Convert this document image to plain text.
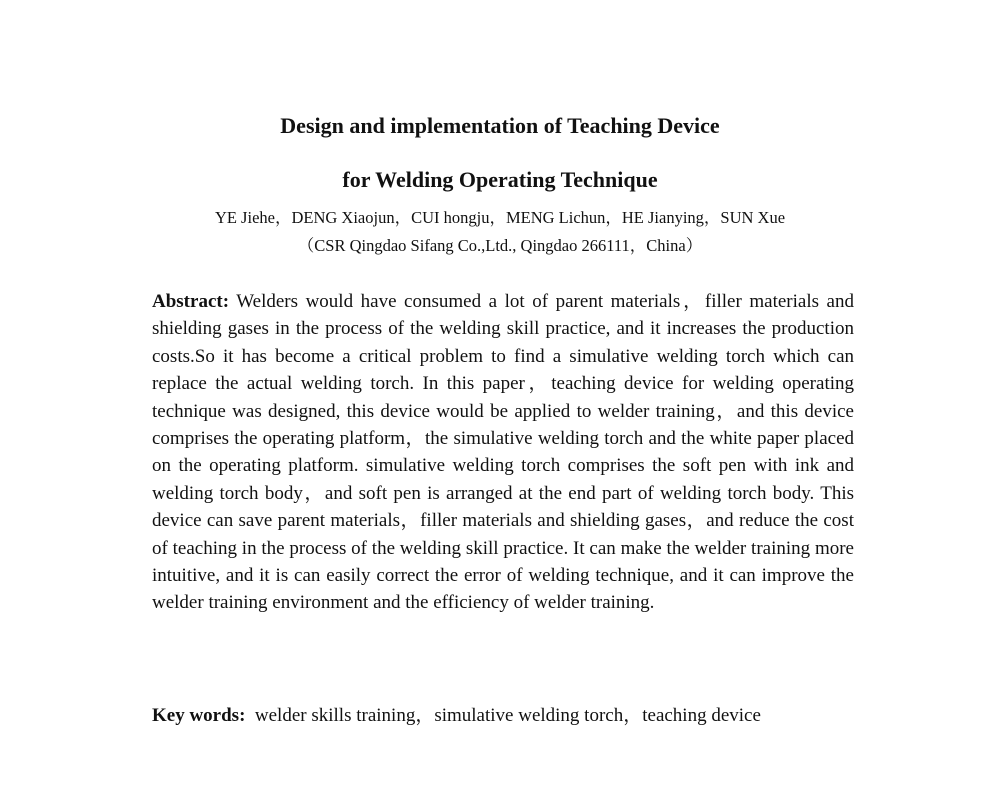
Design and implementation of Teaching Device
for Welding Operating Technique

YE Jiehe，DENG Xiaojun，CUI hongju，MENG Lichun，HE Jianying，SUN Xue

（CSR Qingdao Sifang Co.,Ltd., Qingdao 266111，China）

Abstract: Welders would have consumed a lot of parent materials，filler materials and shielding gases in the process of the welding skill practice, and it increases the production costs.So it has become a critical problem to find a simulative welding torch which can replace the actual welding torch. In this paper，teaching device for welding operating technique was designed, this device would be applied to welder training，and this device comprises the operating platform，the simulative welding torch and the white paper placed on the operating platform. simulative welding torch comprises the soft pen with ink and welding torch body，and soft pen is arranged at the end part of welding torch body. This device can save parent materials，filler materials and shielding gases，and reduce the cost of teaching in the process of the welding skill practice. It can make the welder training more intuitive, and it is can easily correct the error of welding technique, and it can improve the welder training environment and the efficiency of welder training.

Key words: welder skills training，simulative welding torch，teaching device
